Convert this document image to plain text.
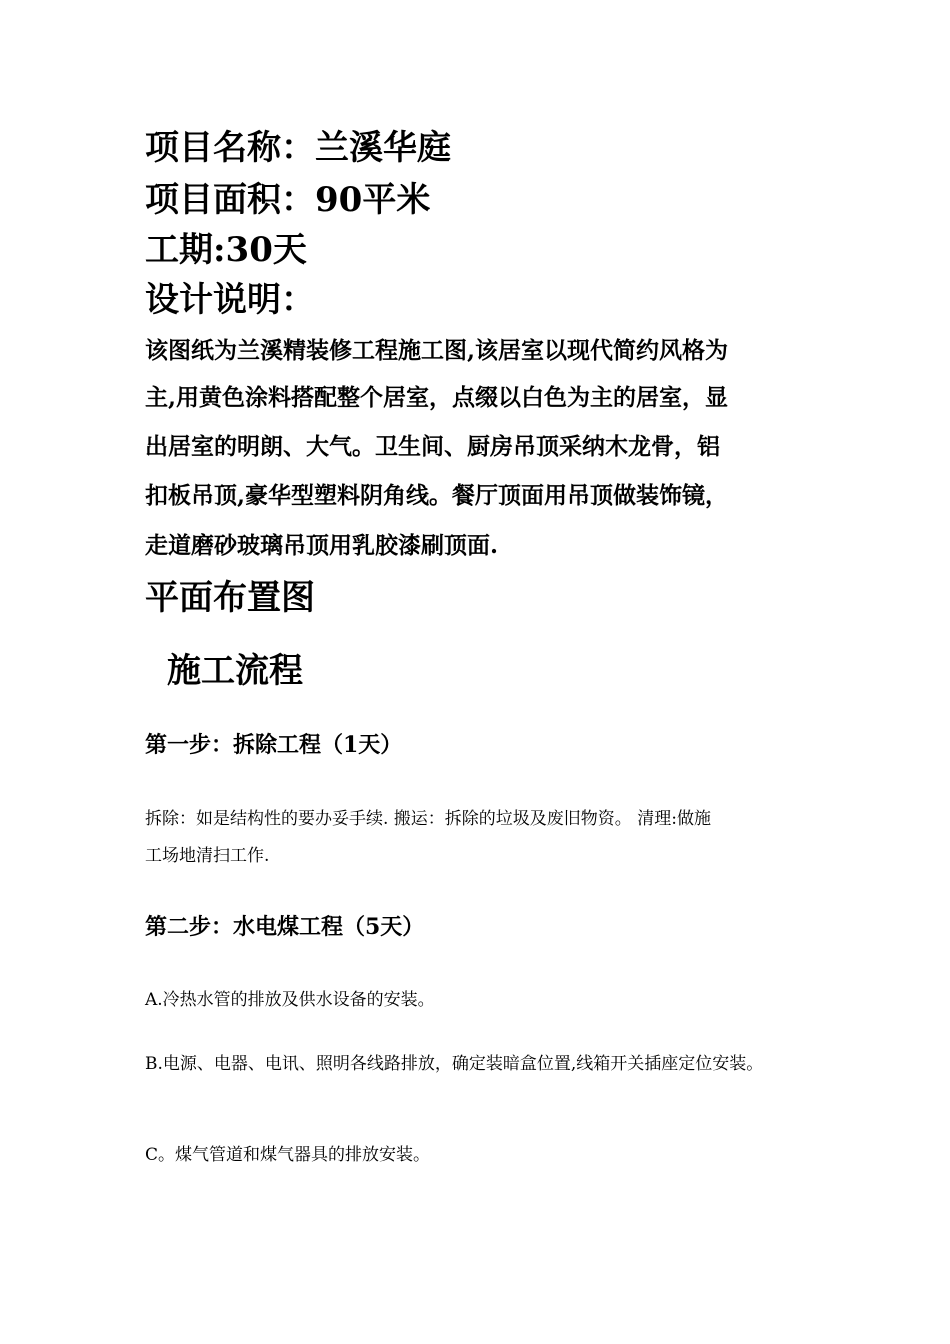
项目名称：兰溪华庭
项目面积：90平米
工期:30天
设计说明：
该图纸为兰溪精装修工程施工图,该居室以现代简约风格为
主,用黄色涂料搭配整个居室，点缀以白色为主的居室，显
出居室的明朗、大气。卫生间、厨房吊顶采纳木龙骨，铝
扣板吊顶,豪华型塑料阴角线。餐厅顶面用吊顶做装饰镜，
走道磨砂玻璃吊顶用乳胶漆刷顶面.
平面布置图
施工流程
第一步：拆除工程（1天）
拆除：如是结构性的要办妥手续. 搬运：拆除的垃圾及废旧物资。 清理:做施
工场地清扫工作.
第二步：水电煤工程（5天）
A.冷热水管的排放及供水设备的安装。
B.电源、电器、电讯、照明各线路排放，确定装暗盒位置,线箱开关插座定位安装。
C。煤气管道和煤气器具的排放安装。
